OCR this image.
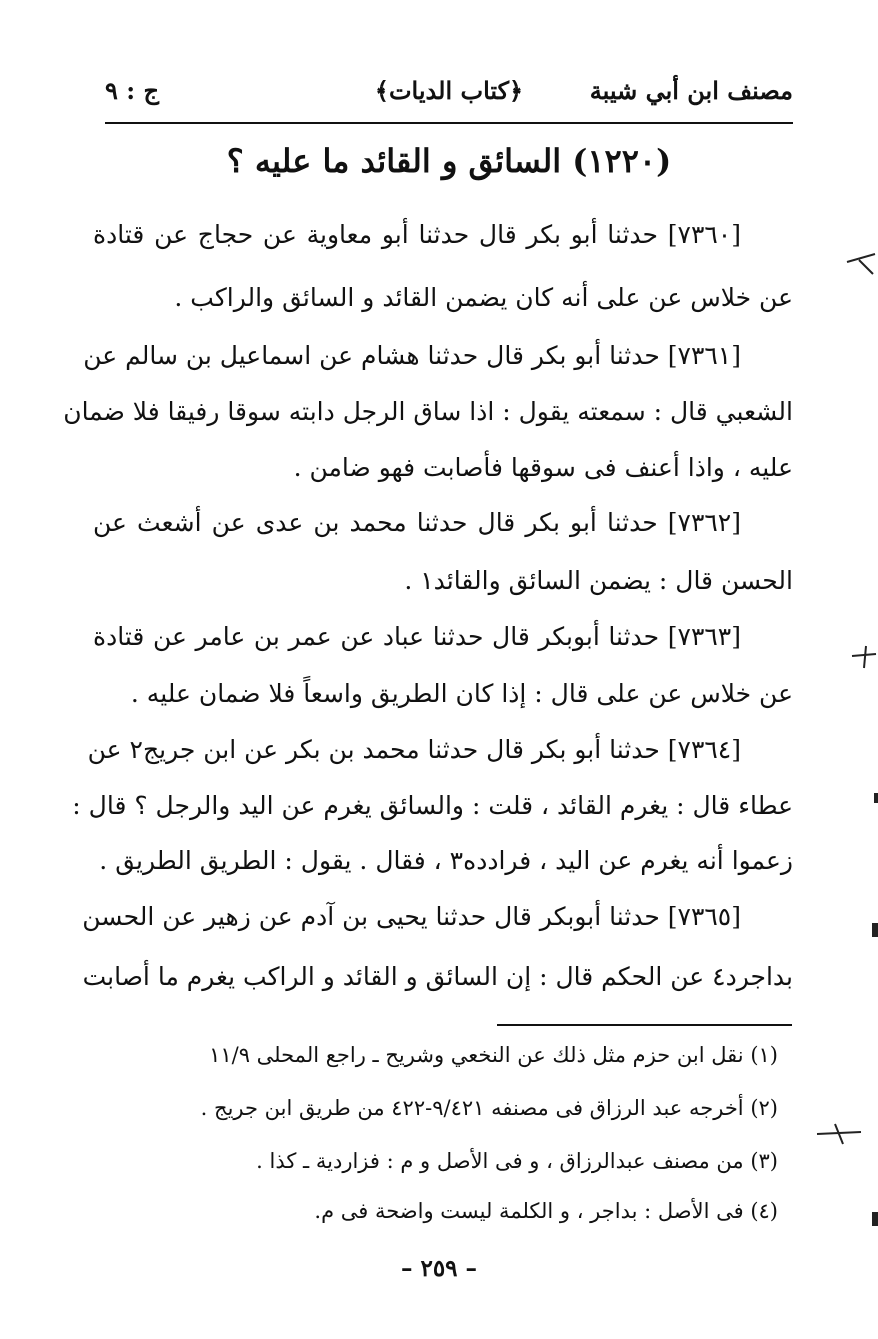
مصنف ابن أبي شيبة
﴿كتاب الديات﴾
ج : ٩
(١٢٢٠) السائق و القائد ما عليه ؟
[٧٣٦٠] حدثنا أبو بكر قال حدثنا أبو معاوية عن حجاج عن قتادة
عن خلاس عن على أنه كان يضمن القائد و السائق والراكب .
[٧٣٦١] حدثنا أبو بكر قال حدثنا هشام عن اسماعيل بن سالم عن
الشعبي قال : سمعته يقول : اذا ساق الرجل دابته سوقا رفيقا فلا ضمان
عليه ، واذا أعنف فى سوقها فأصابت فهو ضامن .
[٧٣٦٢] حدثنا أبو بكر قال حدثنا محمد بن عدى عن أشعث عن
الحسن قال : يضمن السائق والقائد١ .
[٧٣٦٣] حدثنا أبوبكر قال حدثنا عباد عن عمر بن عامر عن قتادة
عن خلاس عن على قال : إذا كان الطريق واسعاً فلا ضمان عليه .
[٧٣٦٤] حدثنا أبو بكر قال حدثنا محمد بن بكر عن ابن جريج٢ عن
عطاء قال : يغرم القائد ، قلت : والسائق يغرم عن اليد والرجل ؟ قال :
زعموا أنه يغرم عن اليد ، فرادده٣ ، فقال . يقول : الطريق الطريق .
[٧٣٦٥] حدثنا أبوبكر قال حدثنا يحيى بن آدم عن زهير عن الحسن
بداجرد٤ عن الحكم قال : إن السائق و القائد و الراكب يغرم ما أصابت
(١) نقل ابن حزم مثل ذلك عن النخعي وشريح ـ راجع المحلى ١١/٩
(٢) أخرجه عبد الرزاق فى مصنفه ٩/٤٢١-٤٢٢ من طريق ابن جريج .
(٣) من مصنف عبدالرزاق ، و فى الأصل و م : فزاردية ـ كذا .
(٤) فى الأصل : بداجر ، و الكلمة ليست واضحة فى م.
– ٢٥٩ –
